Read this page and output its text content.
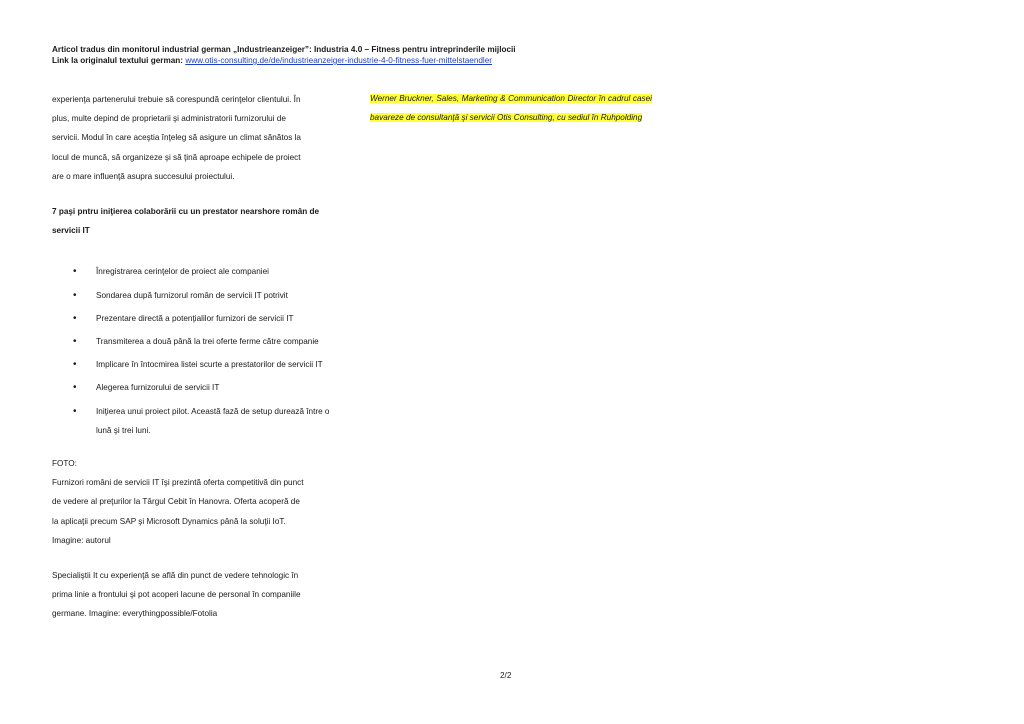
Articol tradus din monitorul industrial german „Industrieanzeiger”: Industria 4.0 – Fitness pentru intreprinderile mijlocii
Link la originalul textului german: www.otis-consulting.de/de/industrieanzeiger-industrie-4-0-fitness-fuer-mittelstaendler
experienţa partenerului trebuie să corespundă cerinţelor clientului. În
plus, multe depind de proprietarii şi administratorii furnizorului de
servicii. Modul în care aceştia înţeleg să asigure un climat sănătos la
locul de muncă, să organizeze şi să ţină aproape echipele de proiect
are o mare influenţă asupra succesului proiectului.
7 paşi pntru iniţierea colaborării cu un prestator nearshore român de servicii IT
• Înregistrarea cerinţelor de proiect ale companiei
• Sondarea după furnizorul român de servicii IT potrivit
• Prezentare directă a potenţialilor furnizori de servicii IT
• Transmiterea a două până la trei oferte ferme către companie
• Implicare în întocmirea listei scurte a prestatorilor de servicii IT
• Alegerea furnizorului de servicii IT
• Iniţierea unui proiect pilot. Această fază de setup durează între o lună şi trei luni.

FOTO:

Furnizori români de servicii IT îşi prezintă oferta competitivă din punct

de vedere al preţurilor la Târgul Cebit în Hanovra. Oferta acoperă de

la aplicaţii precum SAP şi Microsoft Dynamics până la soluţii IoT.

Imagine: autorul

Specialiştii It cu experienţă se află din punct de vedere tehnologic în
prima linie a frontului şi pot acoperi lacune de personal în companiile
germane. Imagine: everythingpossible/Fotolia
Werner Bruckner, Sales, Marketing & Communication Director în cadrul casei bavareze de consultanţă şi servicii Otis Consulting, cu sediul în Ruhpolding
2/2
